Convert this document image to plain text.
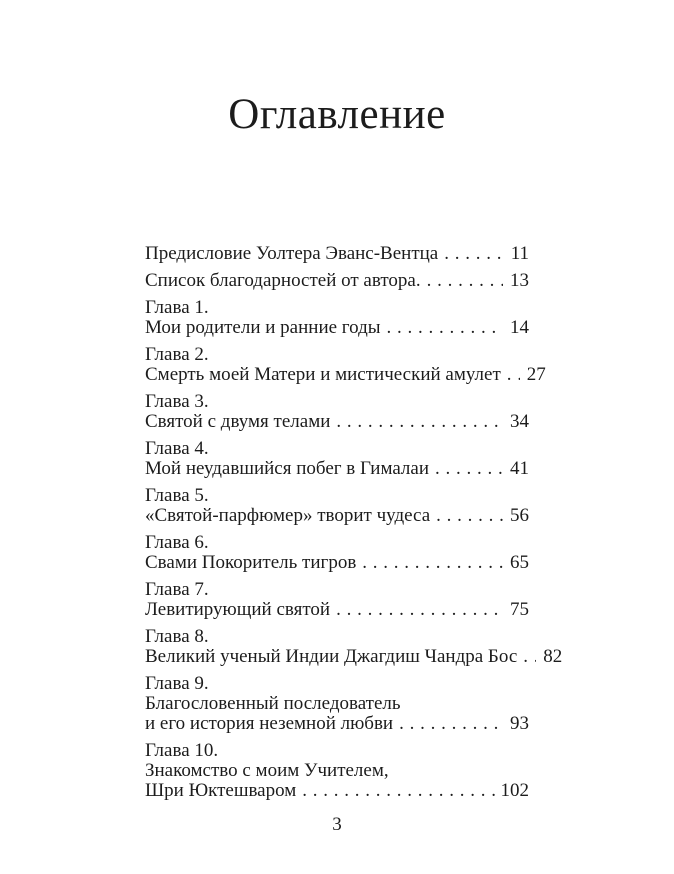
Оглавление
Предисловие Уолтера Эванс-Вентца . . .	11
Список благодарностей от автора. . . .	13
Глава 1.
Мои родители и ранние годы . . .	14
Глава 2.
Смерть моей Матери и мистический амулет . . .	27
Глава 3.
Святой с двумя телами . . .	34
Глава 4.
Мой неудавшийся побег в Гималаи . . .	41
Глава 5.
«Святой-парфюмер» творит чудеса . . .	56
Глава 6.
Свами Покоритель тигров . . .	65
Глава 7.
Левитирующий святой . . .	75
Глава 8.
Великий ученый Индии Джагдиш Чандра Бос . . .	82
Глава 9.
Благословенный последователь
и его история неземной любви . . .	93
Глава 10.
Знакомство с моим Учителем,
Шри Юктешваром . . .	102
3
